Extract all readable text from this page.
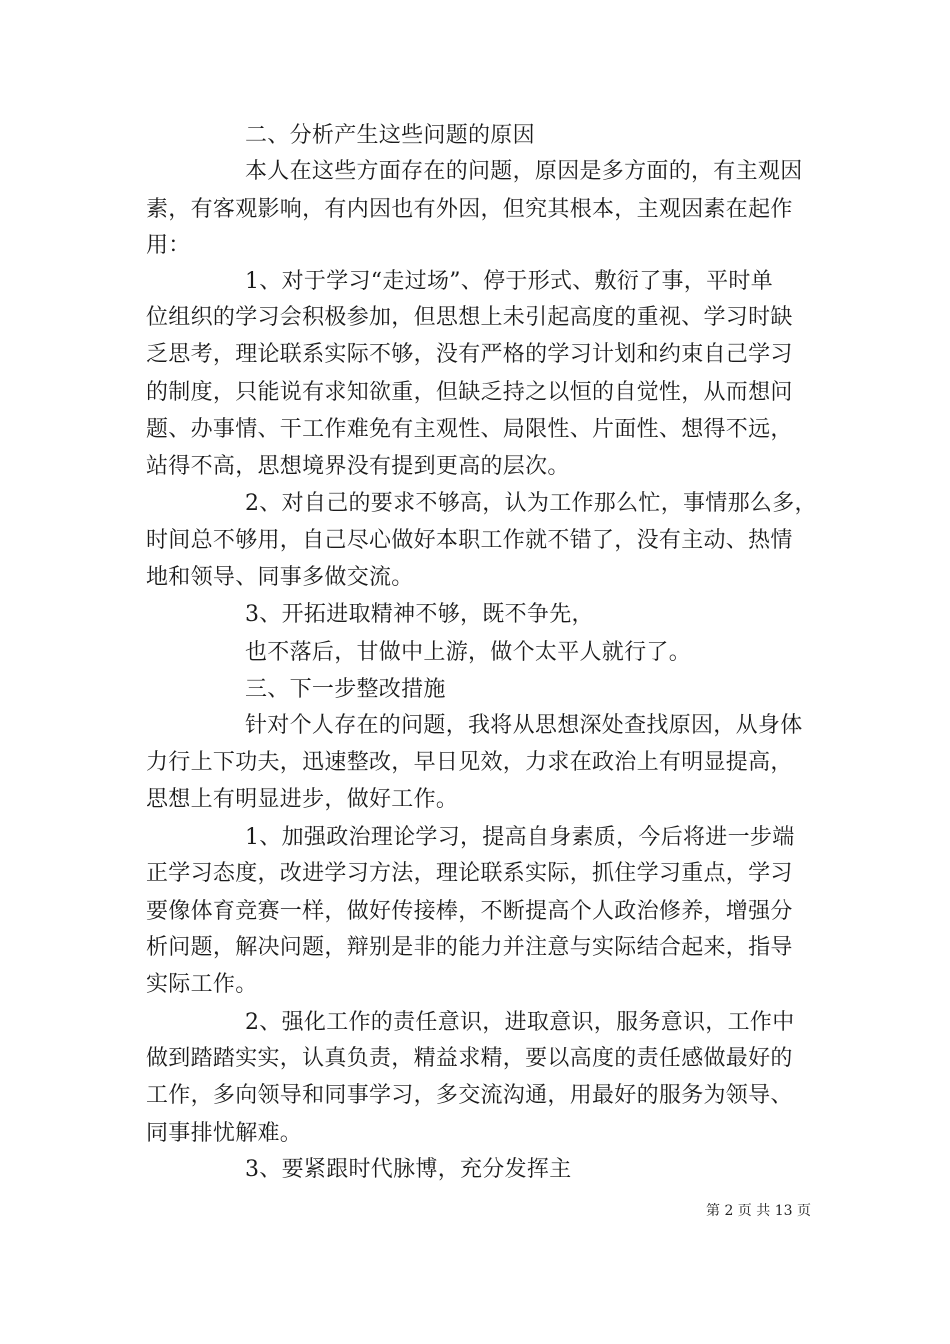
二、分析产生这些问题的原因
本人在这些方面存在的问题，原因是多方面的，有主观因
素，有客观影响，有内因也有外因，但究其根本，主观因素在起作
用：
1、对于学习“走过场”、停于形式、敷衍了事，平时单
位组织的学习会积极参加，但思想上未引起高度的重视、学习时缺
乏思考，理论联系实际不够，没有严格的学习计划和约束自己学习
的制度，只能说有求知欲重，但缺乏持之以恒的自觉性，从而想问
题、办事情、干工作难免有主观性、局限性、片面性、想得不远，
站得不高，思想境界没有提到更高的层次。
2、对自己的要求不够高，认为工作那么忙，事情那么多，
时间总不够用，自己尽心做好本职工作就不错了，没有主动、热情
地和领导、同事多做交流。
3、开拓进取精神不够，既不争先，
也不落后，甘做中上游，做个太平人就行了。
三、下一步整改措施
针对个人存在的问题，我将从思想深处查找原因，从身体
力行上下功夫，迅速整改，早日见效，力求在政治上有明显提高，
思想上有明显进步，做好工作。
1、加强政治理论学习，提高自身素质，今后将进一步端
正学习态度，改进学习方法，理论联系实际，抓住学习重点，学习
要像体育竞赛一样，做好传接棒，不断提高个人政治修养，增强分
析问题，解决问题，辩别是非的能力并注意与实际结合起来，指导
实际工作。
2、强化工作的责任意识，进取意识，服务意识，工作中
做到踏踏实实，认真负责，精益求精，要以高度的责任感做最好的
工作，多向领导和同事学习，多交流沟通，用最好的服务为领导、
同事排忧解难。
3、要紧跟时代脉博，充分发挥主
第 2 页 共 13 页
